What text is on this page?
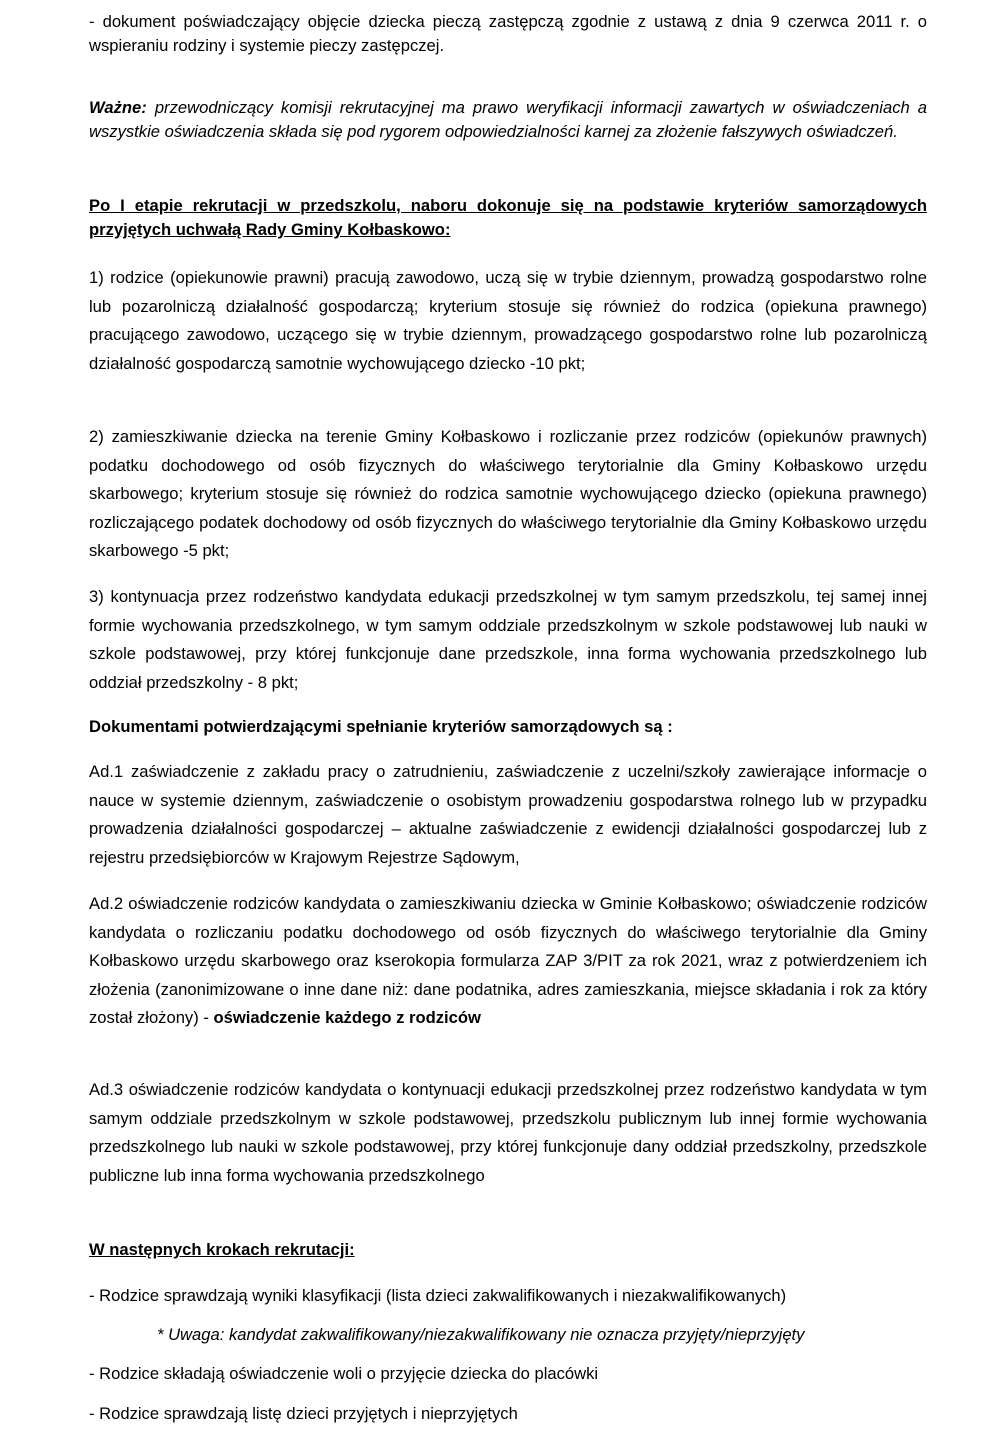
- dokument poświadczający objęcie dziecka pieczą zastępczą zgodnie z ustawą z dnia 9 czerwca 2011 r. o wspieraniu rodziny i systemie pieczy zastępczej.

Ważne: przewodniczący komisji rekrutacyjnej ma prawo weryfikacji informacji zawartych w oświadczeniach a wszystkie oświadczenia składa się pod rygorem odpowiedzialności karnej za złożenie fałszywych oświadczeń.

Po I etapie rekrutacji w przedszkolu, naboru dokonuje się na podstawie kryteriów samorządowych przyjętych uchwałą Rady Gminy Kołbaskowo:

1) rodzice (opiekunowie prawni) pracują zawodowo, uczą się w trybie dziennym, prowadzą gospodarstwo rolne lub pozarolniczą działalność gospodarczą; kryterium stosuje się również do rodzica (opiekuna prawnego) pracującego zawodowo, uczącego się w trybie dziennym, prowadzącego gospodarstwo rolne lub pozarolniczą działalność gospodarczą samotnie wychowującego dziecko -10 pkt;

2) zamieszkiwanie dziecka na terenie Gminy Kołbaskowo i rozliczanie przez rodziców (opiekunów prawnych) podatku dochodowego od osób fizycznych do właściwego terytorialnie dla Gminy Kołbaskowo urzędu skarbowego; kryterium stosuje się również do rodzica samotnie wychowującego dziecko (opiekuna prawnego) rozliczającego podatek dochodowy od osób fizycznych do właściwego terytorialnie dla Gminy Kołbaskowo urzędu skarbowego -5 pkt;

3) kontynuacja przez rodzeństwo kandydata edukacji przedszkolnej w tym samym przedszkolu, tej samej innej formie wychowania przedszkolnego, w tym samym oddziale przedszkolnym w szkole podstawowej lub nauki w szkole podstawowej, przy której funkcjonuje dane przedszkole, inna forma wychowania przedszkolnego lub oddział przedszkolny - 8 pkt;

Dokumentami potwierdzającymi spełnianie kryteriów samorządowych są :

Ad.1 zaświadczenie z zakładu pracy o zatrudnieniu, zaświadczenie z uczelni/szkoły zawierające informacje o nauce w systemie dziennym, zaświadczenie o osobistym prowadzeniu gospodarstwa rolnego lub w przypadku prowadzenia działalności gospodarczej – aktualne zaświadczenie z ewidencji działalności gospodarczej lub z rejestru przedsiębiorców w Krajowym Rejestrze Sądowym,

Ad.2 oświadczenie rodziców kandydata o zamieszkiwaniu dziecka w Gminie Kołbaskowo; oświadczenie rodziców kandydata o rozliczaniu podatku dochodowego od osób fizycznych do właściwego terytorialnie dla Gminy Kołbaskowo urzędu skarbowego oraz kserokopia formularza ZAP 3/PIT za rok 2021, wraz z potwierdzeniem ich złożenia (zanonimizowane o inne dane niż: dane podatnika, adres zamieszkania, miejsce składania i rok za który został złożony) - oświadczenie każdego z rodziców

Ad.3 oświadczenie rodziców kandydata o kontynuacji edukacji przedszkolnej przez rodzeństwo kandydata w tym samym oddziale przedszkolnym w szkole podstawowej, przedszkolu publicznym lub innej formie wychowania przedszkolnego lub nauki w szkole podstawowej, przy której funkcjonuje dany oddział przedszkolny, przedszkole publiczne lub inna forma wychowania przedszkolnego

W następnych krokach rekrutacji:

- Rodzice sprawdzają wyniki klasyfikacji (lista dzieci zakwalifikowanych i niezakwalifikowanych)

* Uwaga: kandydat zakwalifikowany/niezakwalifikowany nie oznacza przyjęty/nieprzyjęty

- Rodzice składają oświadczenie woli o przyjęcie dziecka do placówki

- Rodzice sprawdzają listę dzieci przyjętych i nieprzyjętych
